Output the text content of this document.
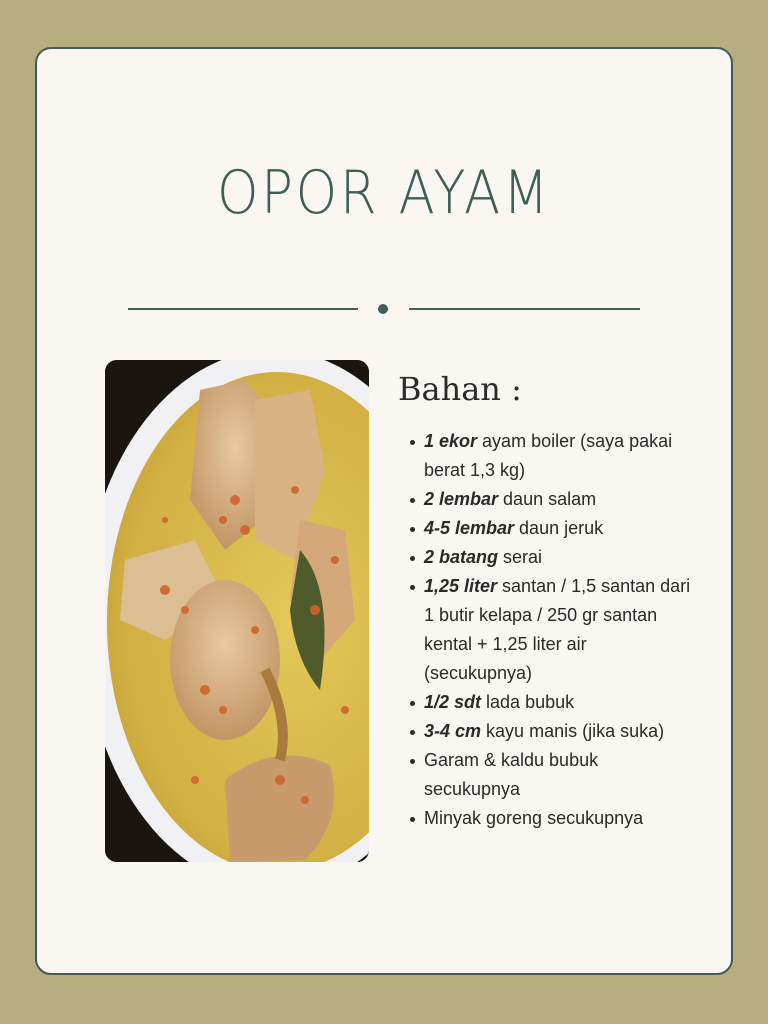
OPOR AYAM
Bahan :
1 ekor ayam boiler (saya pakai berat 1,3 kg)
2 lembar daun salam
4-5 lembar daun jeruk
2 batang serai
1,25 liter santan / 1,5 santan dari 1 butir kelapa / 250 gr santan kental + 1,25 liter air (secukupnya)
1/2 sdt lada bubuk
3-4 cm kayu manis (jika suka)
Garam & kaldu bubuk secukupnya
Minyak goreng secukupnya
